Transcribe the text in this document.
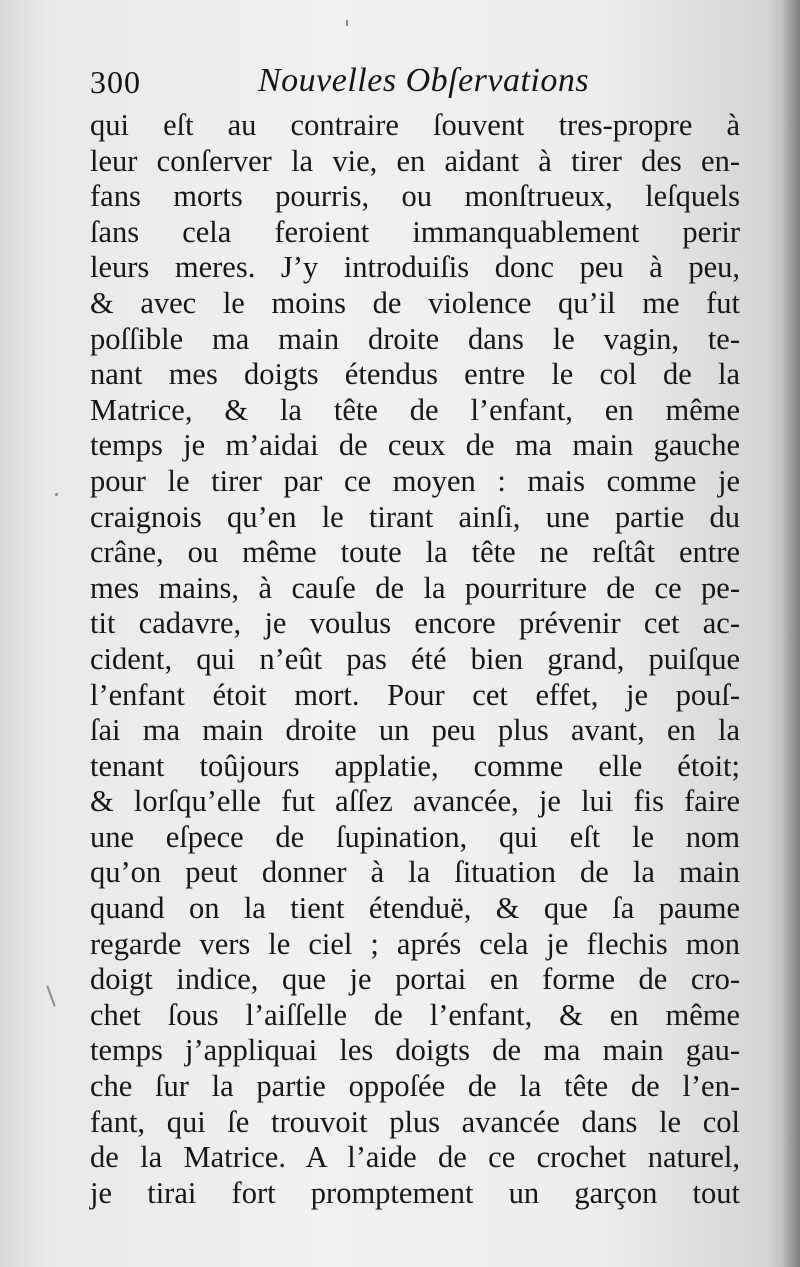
300	Nouvelles Obſervations
qui eſt au contraire ſouvent tres-propre à
leur conſerver la vie, en aidant à tirer des en-
fans morts pourris, ou monſtrueux, leſquels
ſans cela feroient immanquablement perir
leurs meres. J’y introduiſis donc peu à peu,
& avec le moins de violence qu’il me fut
poſſible ma main droite dans le vagin, te-
nant mes doigts étendus entre le col de la
Matrice, & la tête de l’enfant, en même
temps je m’aidai de ceux de ma main gauche
pour le tirer par ce moyen : mais comme je
craignois qu’en le tirant ainſi, une partie du
crâne, ou même toute la tête ne reſtât entre
mes mains, à cauſe de la pourriture de ce pe-
tit cadavre, je voulus encore prévenir cet ac-
cident, qui n’eût pas été bien grand, puiſque
l’enfant étoit mort. Pour cet effet, je pouſ-
ſai ma main droite un peu plus avant, en la
tenant toûjours applatie, comme elle étoit;
& lorſqu’elle fut aſſez avancée, je lui fis faire
une eſpece de ſupination, qui eſt le nom
qu’on peut donner à la ſituation de la main
quand on la tient étenduë, & que ſa paume
regarde vers le ciel ; aprés cela je flechis mon
doigt indice, que je portai en forme de cro-
chet ſous l’aiſſelle de l’enfant, & en même
temps j’appliquai les doigts de ma main gau-
che ſur la partie oppoſée de la tête de l’en-
fant, qui ſe trouvoit plus avancée dans le col
de la Matrice. A l’aide de ce crochet naturel,
je tirai fort promptement un garçon tout
